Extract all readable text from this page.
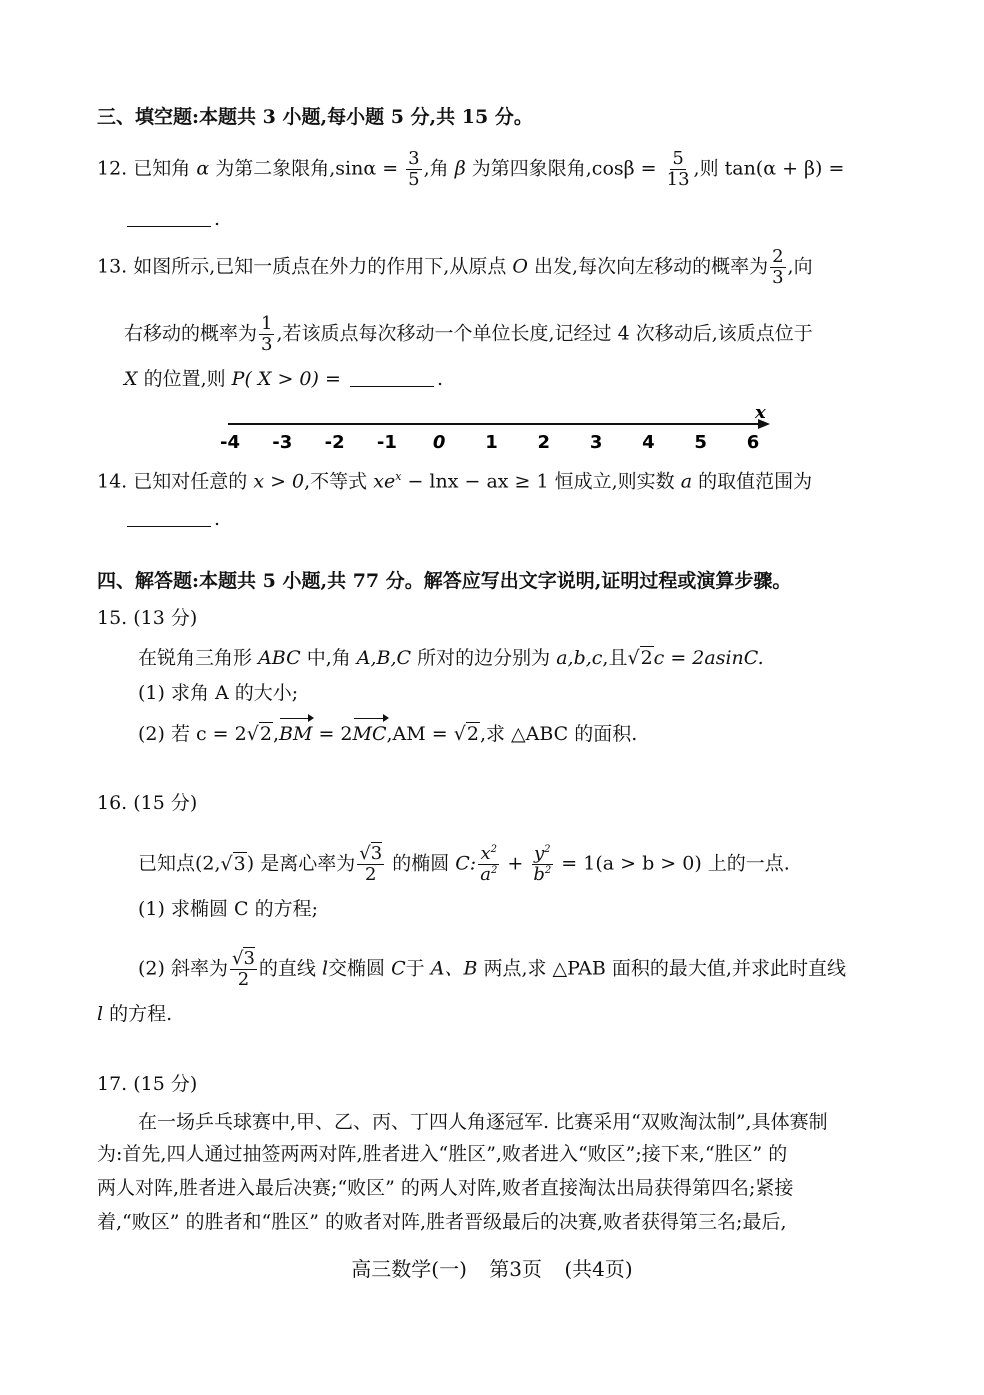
三、填空题:本题共 3 小题,每小题 5 分,共 15 分。
12. 已知角 α 为第二象限角$,\sin\alpha = \frac{3}{5}$ ,角 β 为第四象限角$,\cos\beta = \frac{5}{13}$ ,则 tan(α + β) =
.
13. 如图所示,已知一质点在外力的作用下,从原点 O 出发,每次向左移动的概率为 $\frac{2}{3}$ ,向
右移动的概率为 $\frac{1}{3}$ ,若该质点每次移动一个单位长度,记经过 4 次移动后,该质点位于
X 的位置,则 P( X > 0) =	.
x
-4 -3 -2 -1 0 1 2 3 4 5 6
14. 已知对任意的 x > 0,不等式 $xe^x - \ln x$ − ax ≥ 1 恒成立,则实数 a 的取值范围为
.
四、解答题:本题共 5 小题,共 77 分。解答应写出文字说明,证明过程或演算步骤。
15. (13 分)
在锐角三角形 ABC 中,角 A,B,C 所对的边分别为 a,b,c,且√2c = 2asinC.
(1) 求角 A 的大小;
(2) 若 c = 2√2,BM = 2MC,AM = √2,求 △ABC 的面积.
16. (15 分)
已知点(2,√3) 是离心率为 $\frac{√3}{2}$ 的椭圆 C: $\frac{x^2}{a^2} + \frac{y^2}{b^2} = 1(a > b > 0)$ 上的一点.
(1) 求椭圆 C 的方程;
(2) 斜率为 $\frac{√3}{2}$ 的直线 l交椭圆 C于 A、B 两点,求 △PAB 面积的最大值,并求此时直线
l 的方程.
17. (15 分)
在一场乒乓球赛中,甲、乙、丙、丁四人角逐冠军. 比赛采用“双败淘汰制”,具体赛制
为:首先,四人通过抽签两两对阵,胜者进入“胜区”,败者进入“败区”;接下来,“胜区” 的
两人对阵,胜者进入最后决赛;“败区” 的两人对阵,败者直接淘汰出局获得第四名;紧接
着,“败区” 的胜者和“胜区” 的败者对阵,胜者晋级最后的决赛,败者获得第三名;最后,
高三数学(一) 第3页 (共4页)
